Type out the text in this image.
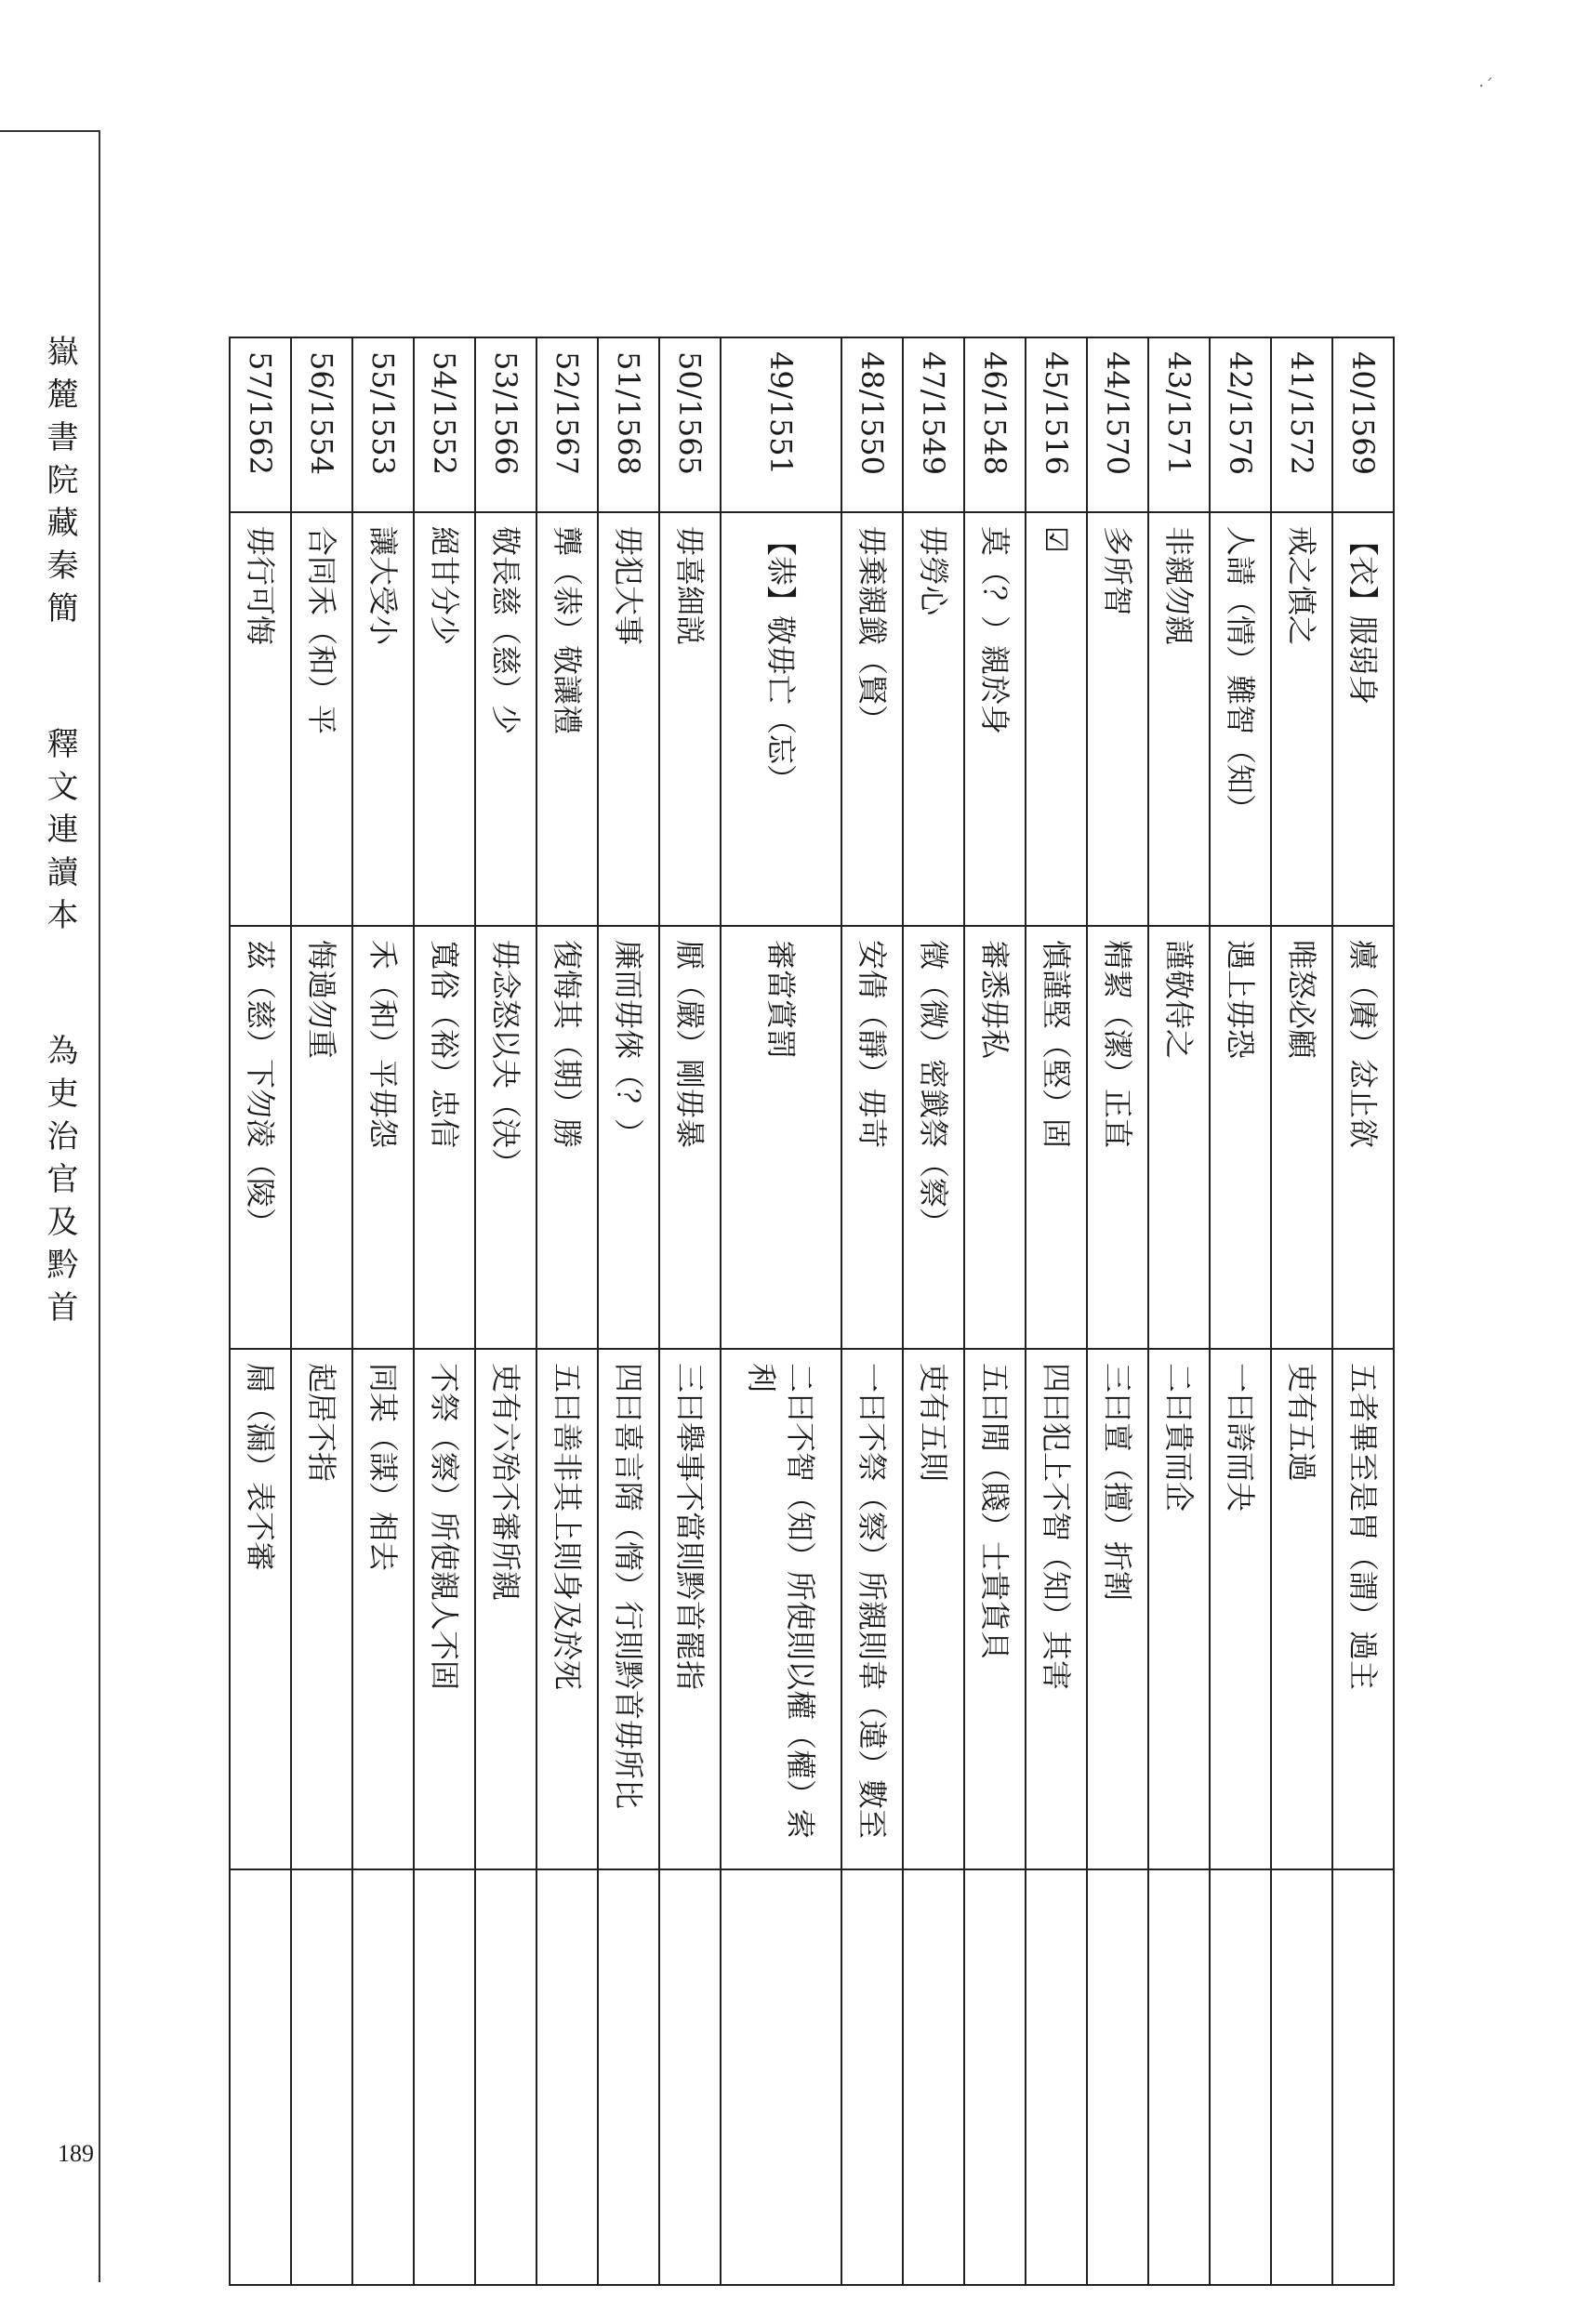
嶽麓書院藏秦簡釋文連讀本為吏治官及黔首
·ˊ
189
40/1569	【衣】服弱身	癝（賡）忿止欲	五者畢至是胃（謂）過主	
41/1572	戒之慎之	唯怒必顧	吏有五過	
42/1576	人請（情）難智（知）	遇上毋恐	一曰誇而夬	
43/1571	非親勿親	謹敬侍之	二曰貴而企	
44/1570	多所智	精絜（潔）正直	三曰亶（擅）折割	
45/1516	☑	慎謹堅（堅）固	四曰犯上不智（知）其害	
46/1548	莫（？）親於身	審悉毋私	五曰閒（賤）士貴貨貝	
47/1549	毋勞心	徵（微）密韱祭（察）	吏有五則	
48/1550	毋棄親韱（賢）	安倩（靜）毋苛	一曰不祭（察）所親則韋（違）數至	
49/1551	【恭】敬毋亡（忘）	審當賞罰	二曰不智（知）所使則以權（權）索利	
50/1565	毋喜細説	厭（嚴）剛毋暴	三曰舉事不當則黔首罷指	
51/1568	毋犯大事	廉而毋倈（？）	四曰喜言隋（惰）行則黔首毋所比	
52/1567	龏（恭）敬讓禮	復悔其（期）勝	五曰善非其上則身及於死	
53/1566	敬長慈（慈）少	毋念怒以夬（決）	吏有六殆不審所親	
54/1552	絕甘分少	寬俗（裕）忠信	不祭（察）所使親人不固	
55/1553	讓大受小	禾（和）平毋怨	同某（謀）相去	
56/1554	合同禾（和）平	悔過勿重	起居不指	
57/1562	毋行可悔	茲（慈）下勿淩（陵）	屚（漏）表不審	
